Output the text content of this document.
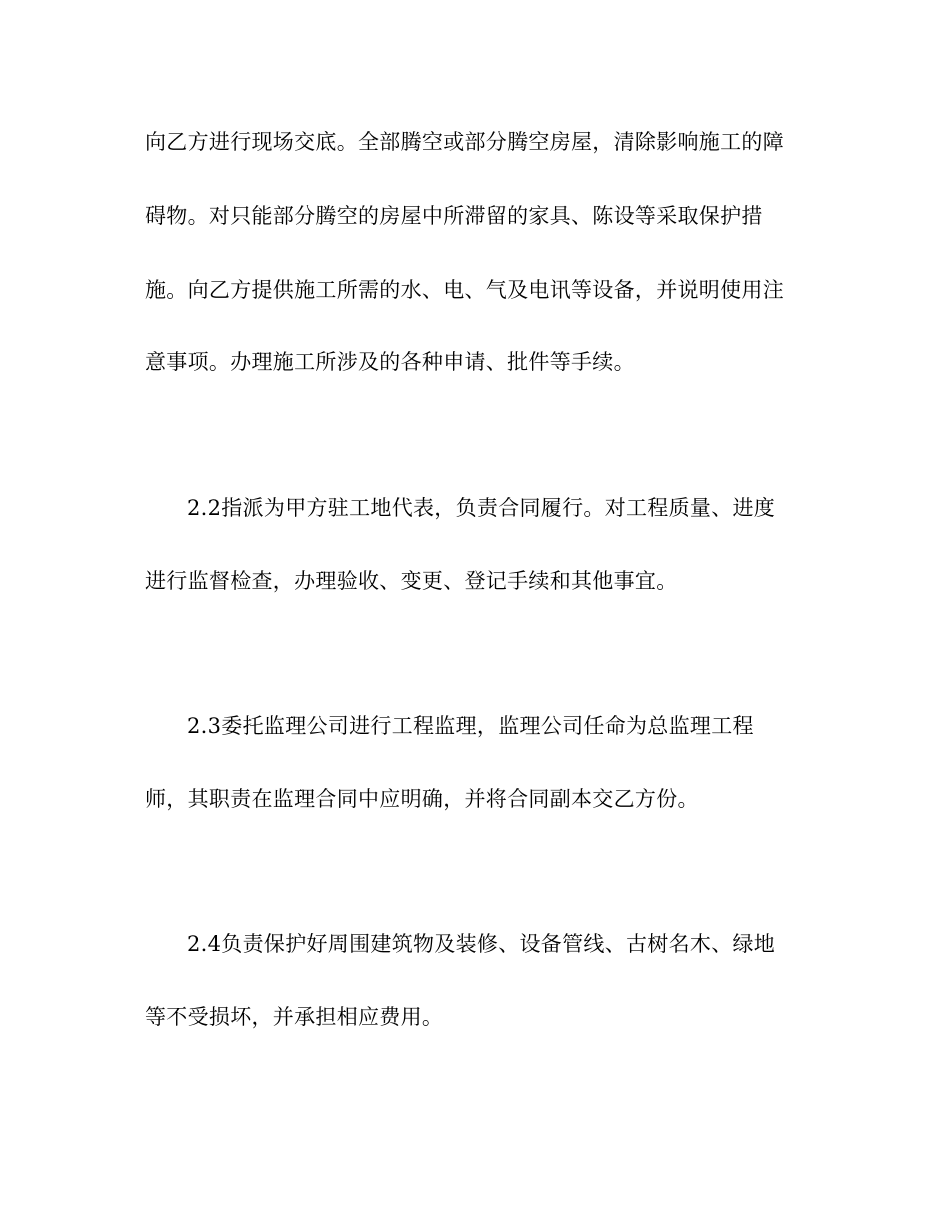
向乙方进行现场交底。全部腾空或部分腾空房屋，清除影响施工的障
碍物。对只能部分腾空的房屋中所滞留的家具、陈设等采取保护措
施。向乙方提供施工所需的水、电、气及电讯等设备，并说明使用注
意事项。办理施工所涉及的各种申请、批件等手续。
2.2指派为甲方驻工地代表，负责合同履行。对工程质量、进度
进行监督检查，办理验收、变更、登记手续和其他事宜。
2.3委托监理公司进行工程监理，监理公司任命为总监理工程
师，其职责在监理合同中应明确，并将合同副本交乙方份。
2.4负责保护好周围建筑物及装修、设备管线、古树名木、绿地
等不受损坏，并承担相应费用。
